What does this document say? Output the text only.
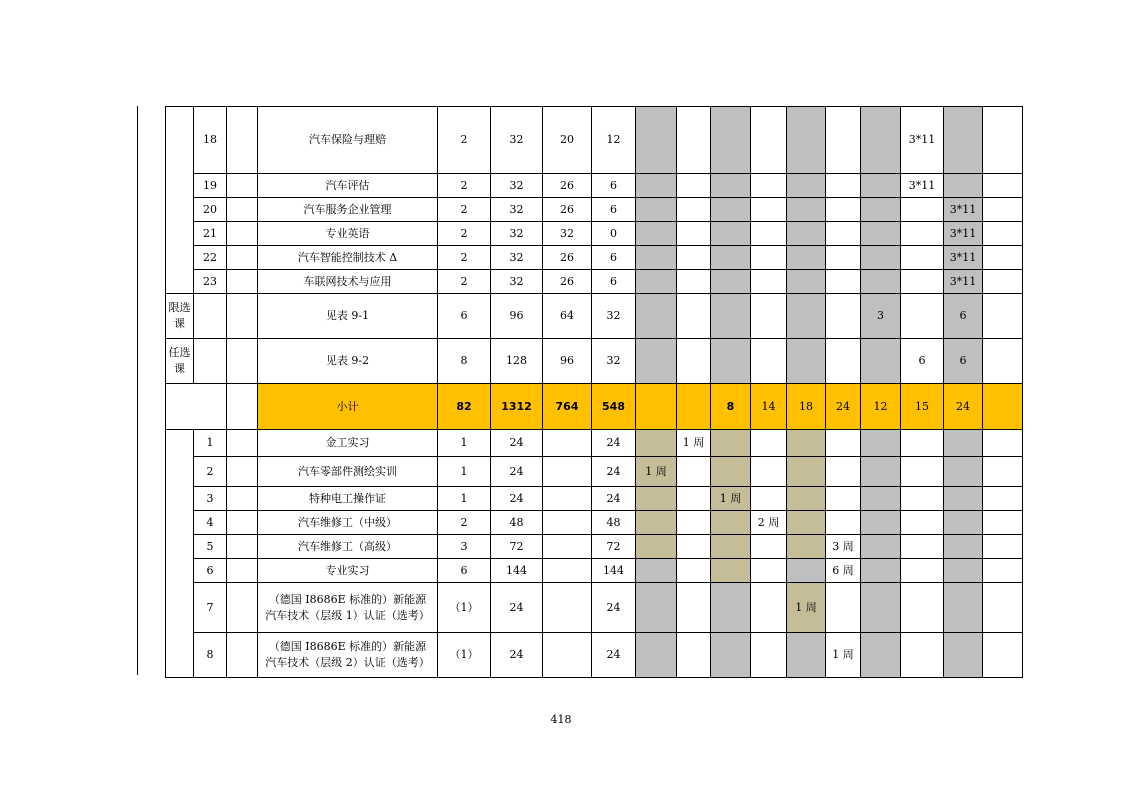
	18		汽车保险与理赔	2	32	20	12								3*11		
	19		汽车评估	2	32	26	6								3*11		
	20		汽车服务企业管理	2	32	26	6									3*11	
	21		专业英语	2	32	32	0									3*11	
	22		汽车智能控制技术 Δ	2	32	26	6									3*11	
	23		车联网技术与应用	2	32	26	6									3*11	
限选课			见表 9-1	6	96	64	32							3		6	
任选课			见表 9-2	8	128	96	32								6	6	
			小计	82	1312	764	548			8	14	18	24	12	15	24	
	1		金工实习	1	24		24		1 周								
	2		汽车零部件测绘实训	1	24		24	1 周									
	3		特种电工操作证	1	24		24			1 周							
	4		汽车维修工（中级）	2	48		48				2 周						
	5		汽车维修工（高级）	3	72		72						3 周				
	6		专业实习	6	144		144						6 周				
	7		（德国 I8686E 标准的）新能源汽车技术（层级 1）认证（选考）	（1）	24		24					1 周					
	8		（德国 I8686E 标准的）新能源汽车技术（层级 2）认证（选考）	（1）	24		24						1 周				
418
